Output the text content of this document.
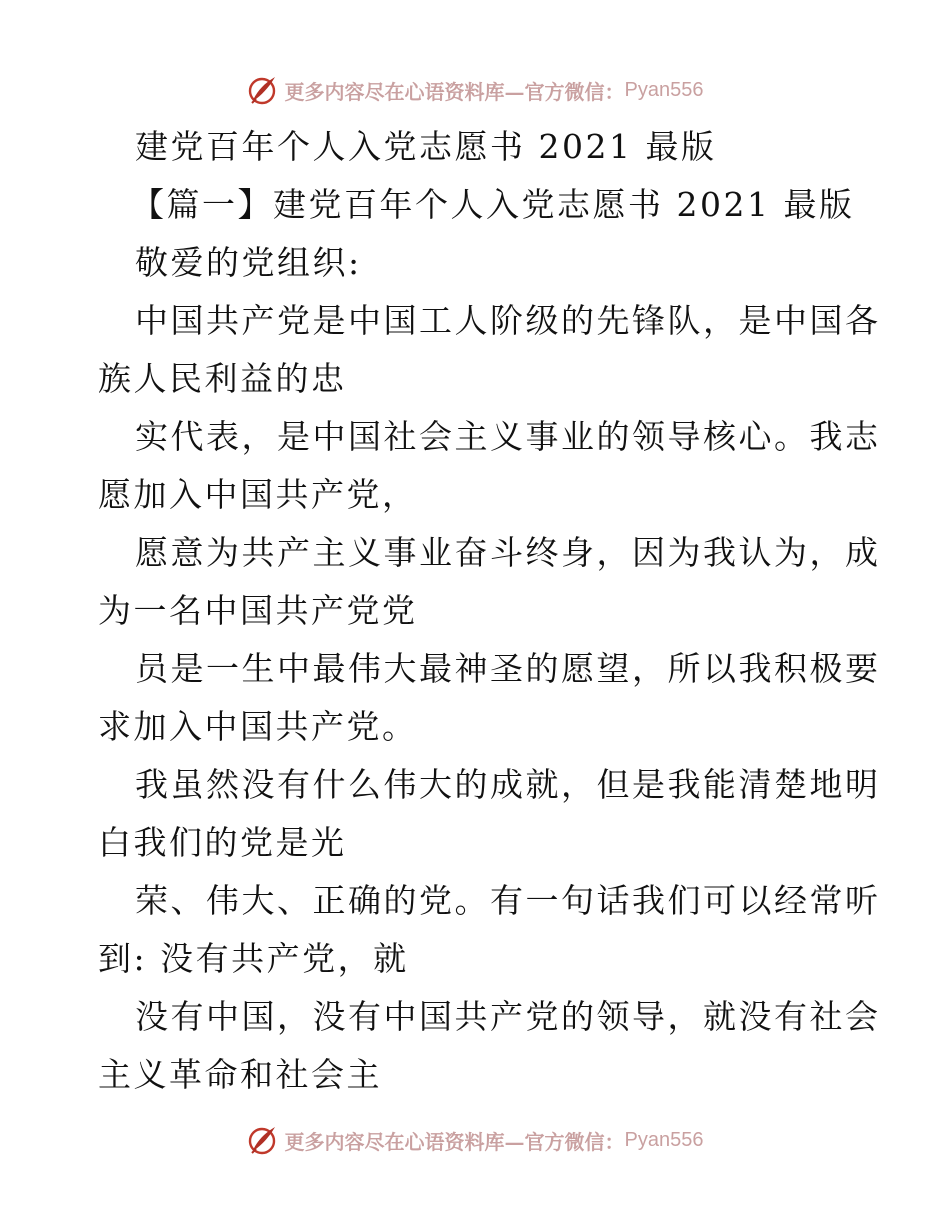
更多内容尽在心语资料库—官方微信： Pyan556
建党百年个人入党志愿书 2021 最版
【篇一】建党百年个人入党志愿书 2021 最版
敬爱的党组织:
中国共产党是中国工人阶级的先锋队，是中国各
族人民利益的忠
实代表，是中国社会主义事业的领导核心。我志
愿加入中国共产党，
愿意为共产主义事业奋斗终身，因为我认为，成
为一名中国共产党党
员是一生中最伟大最神圣的愿望，所以我积极要
求加入中国共产党。
我虽然没有什么伟大的成就，但是我能清楚地明
白我们的党是光
荣、伟大、正确的党。有一句话我们可以经常听
到: 没有共产党，就
没有中国，没有中国共产党的领导，就没有社会
主义革命和社会主
更多内容尽在心语资料库—官方微信： Pyan556
